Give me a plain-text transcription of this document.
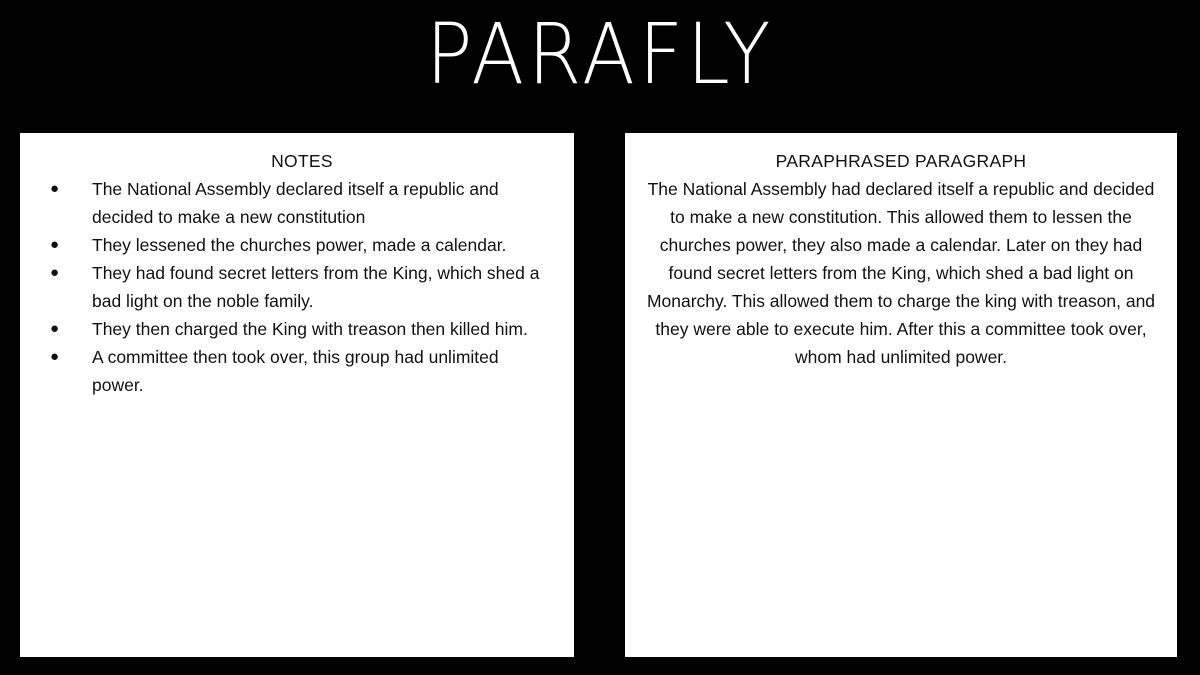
PARAFLY
NOTES
● The National Assembly declared itself a republic and decided to make a new constitution
● They lessened the churches power, made a calendar.
● They had found secret letters from the King, which shed a bad light on the noble family.
● They then charged the King with treason then killed him.
● A committee then took over, this group had unlimited power.
PARAPHRASED PARAGRAPH

The National Assembly had declared itself a republic and decided to make a new constitution. This allowed them to lessen the churches power, they also made a calendar. Later on they had found secret letters from the King, which shed a bad light on Monarchy. This allowed them to charge the king with treason, and they were able to execute him. After this a committee took over, whom had unlimited power.
